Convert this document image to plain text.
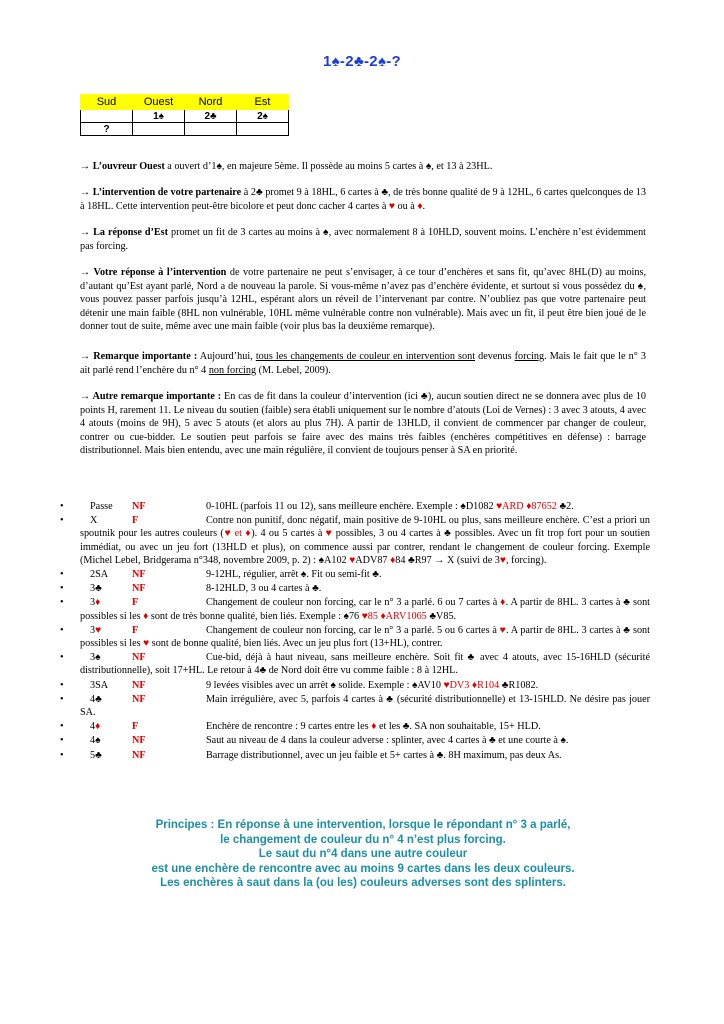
1♠-2♣-2♠-?
Sud	Ouest	Nord	Est
	1♠	2♣	2♠
?			
→ L’ouvreur Ouest a ouvert d’1♠, en majeure 5ème. Il possède au moins 5 cartes à ♠, et 13 à 23HL.
→ L’intervention de votre partenaire à 2♣ promet 9 à 18HL, 6 cartes à ♣, de très bonne qualité de 9 à 12HL, 6 cartes quelconques de 13 à 18HL. Cette intervention peut-être bicolore et peut donc cacher 4 cartes à ♥ ou à ♦.
→ La réponse d’Est promet un fit de 3 cartes au moins à ♠, avec normalement 8 à 10HLD, souvent moins. L’enchère n’est évidemment pas forcing.
→ Votre réponse à l’intervention de votre partenaire ne peut s’envisager, à ce tour d’enchères et sans fit, qu’avec 8HL(D) au moins, d’autant qu’Est ayant parlé, Nord a de nouveau la parole. Si vous-même n’avez pas d’enchère évidente, et surtout si vous possédez du ♠, vous pouvez passer parfois jusqu’à 12HL, espérant alors un réveil de l’intervenant par contre. N’oubliez pas que votre partenaire peut détenir une main faible (8HL non vulnérable, 10HL même vulnérable contre non vulnérable). Mais avec un fit, il peut être bien joué de le donner tout de suite, même avec une main faible (voir plus bas la deuxième remarque).
→ Remarque importante : Aujourd’hui, tous les changements de couleur en intervention sont devenus forcing. Mais le fait que le n° 3 ait parlé rend l’enchère du n° 4 non forcing (M. Lebel, 2009).
→ Autre remarque importante : En cas de fit dans la couleur d’intervention (ici ♣), aucun soutien direct ne se donnera avec plus de 10 points H, rarement 11. Le niveau du soutien (faible) sera établi uniquement sur le nombre d’atouts (Loi de Vernes) : 3 avec 3 atouts, 4 avec 4 atouts (moins de 9H), 5 avec 5 atouts (et alors au plus 7H). A partir de 13HLD, il convient de commencer par changer de couleur, contrer ou cue-bidder. Le soutien peut parfois se faire avec des mains très faibles (enchères compétitives en défense) : barrage distributionnel. Mais bien entendu, avec une main régulière, il convient de toujours penser à SA en priorité.
•	Passe NF	0-10HL (parfois 11 ou 12), sans meilleure enchère. Exemple : ♠D1082 ♥ARD ♦87652 ♣2.
•	X	F	Contre non punitif, donc négatif, main positive de 9-10HL ou plus, sans meilleure enchère. C’est a priori un spoutnik pour les autres couleurs (♥ et ♦). 4 ou 5 cartes à ♥ possibles, 3 ou 4 cartes à ♣ possibles. Avec un fit trop fort pour un soutien immédiat, ou avec un jeu fort (13HLD et plus), on commence aussi par contrer, rendant le changement de couleur forcing. Exemple (Michel Lebel, Bridgerama n°348, novembre 2009, p. 2) : ♠A102 ♥ADV87 ♦84 ♣R97 → X (suivi de 3♥, forcing).
•	2SA NF	9-12HL, régulier, arrêt ♠. Fit ou semi-fit ♣.
•	3♣	NF	8-12HLD, 3 ou 4 cartes à ♣.
•	3♦	F	Changement de couleur non forcing, car le n° 3 a parlé. 6 ou 7 cartes à ♦. A partir de 8HL. 3 cartes à ♣ sont possibles si les ♦ sont de très bonne qualité, bien liés. Exemple : ♠76 ♥85 ♦ARV1065 ♣V85.
•	3♥	F	Changement de couleur non forcing, car le n° 3 a parlé. 5 ou 6 cartes à ♥. A partir de 8HL. 3 cartes à ♣ sont possibles si les ♥ sont de bonne qualité, bien liés. Avec un jeu plus fort (13+HL), contrer.
•	3♠	NF	Cue-bid, déjà à haut niveau, sans meilleure enchère. Soit fit ♣ avec 4 atouts, avec 15-16HLD (sécurité distributionnelle), soit 17+HL. Le retour à 4♣ de Nord doit être vu comme faible : 8 à 12HL.
•	3SA NF	9 levées visibles avec un arrêt ♠ solide. Exemple : ♠AV10 ♥DV3 ♦R104 ♣R1082.
•	4♣	NF	Main irrégulière, avec 5, parfois 4 cartes à ♣ (sécurité distributionnelle) et 13-15HLD. Ne désire pas jouer SA.
•	4♦	F	Enchère de rencontre : 9 cartes entre les ♦ et les ♣. SA non souhaitable, 15+ HLD.
•	4♠	NF	Saut au niveau de 4 dans la couleur adverse : splinter, avec 4 cartes à ♣ et une courte à ♠.
•	5♣	NF	Barrage distributionnel, avec un jeu faible et 5+ cartes à ♣. 8H maximum, pas deux As.
Principes : En réponse à une intervention, lorsque le répondant n° 3 a parlé,
le changement de couleur du n° 4 n’est plus forcing.
Le saut du n°4 dans une autre couleur
est une enchère de rencontre avec au moins 9 cartes dans les deux couleurs.
Les enchères à saut dans la (ou les) couleurs adverses sont des splinters.
